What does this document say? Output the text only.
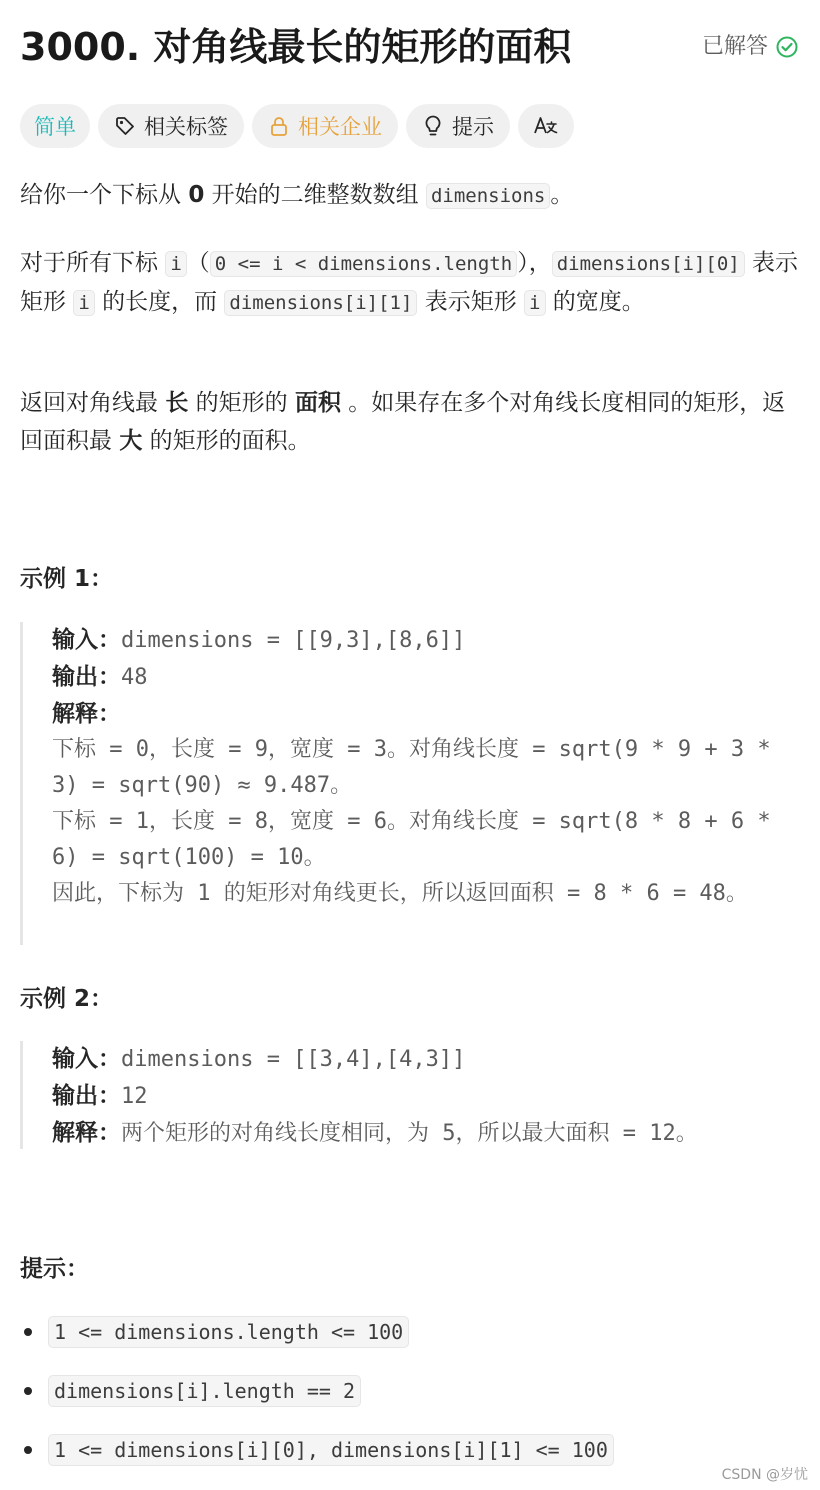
3000. 对角线最长的矩形的面积	已解答
简单	相关标签	相关企业	提示
给你一个下标从 0 开始的二维整数数组 dimensions 。
对于所有下标 i （ 0 <= i < dimensions.length ）， dimensions[i][0] 表示矩形 i 的长度，而 dimensions[i][1] 表示矩形 i 的宽度。
返回对角线最 长 的矩形的 面积 。如果存在多个对角线长度相同的矩形，返回面积最 大 的矩形的面积。
示例 1：
输入：dimensions = [[9,3],[8,6]]
输出：48
解释：
下标 = 0，长度 = 9，宽度 = 3。对角线长度 = sqrt(9 * 9 + 3 * 3) = sqrt(90) ≈ 9.487。
下标 = 1，长度 = 8，宽度 = 6。对角线长度 = sqrt(8 * 8 + 6 * 6) = sqrt(100) = 10。
因此，下标为 1 的矩形对角线更长，所以返回面积 = 8 * 6 = 48。
示例 2：
输入：dimensions = [[3,4],[4,3]]
输出：12
解释：两个矩形的对角线长度相同，为 5，所以最大面积 = 12。
提示：
1 <= dimensions.length <= 100
dimensions[i].length == 2
1 <= dimensions[i][0], dimensions[i][1] <= 100
CSDN @岁忧
